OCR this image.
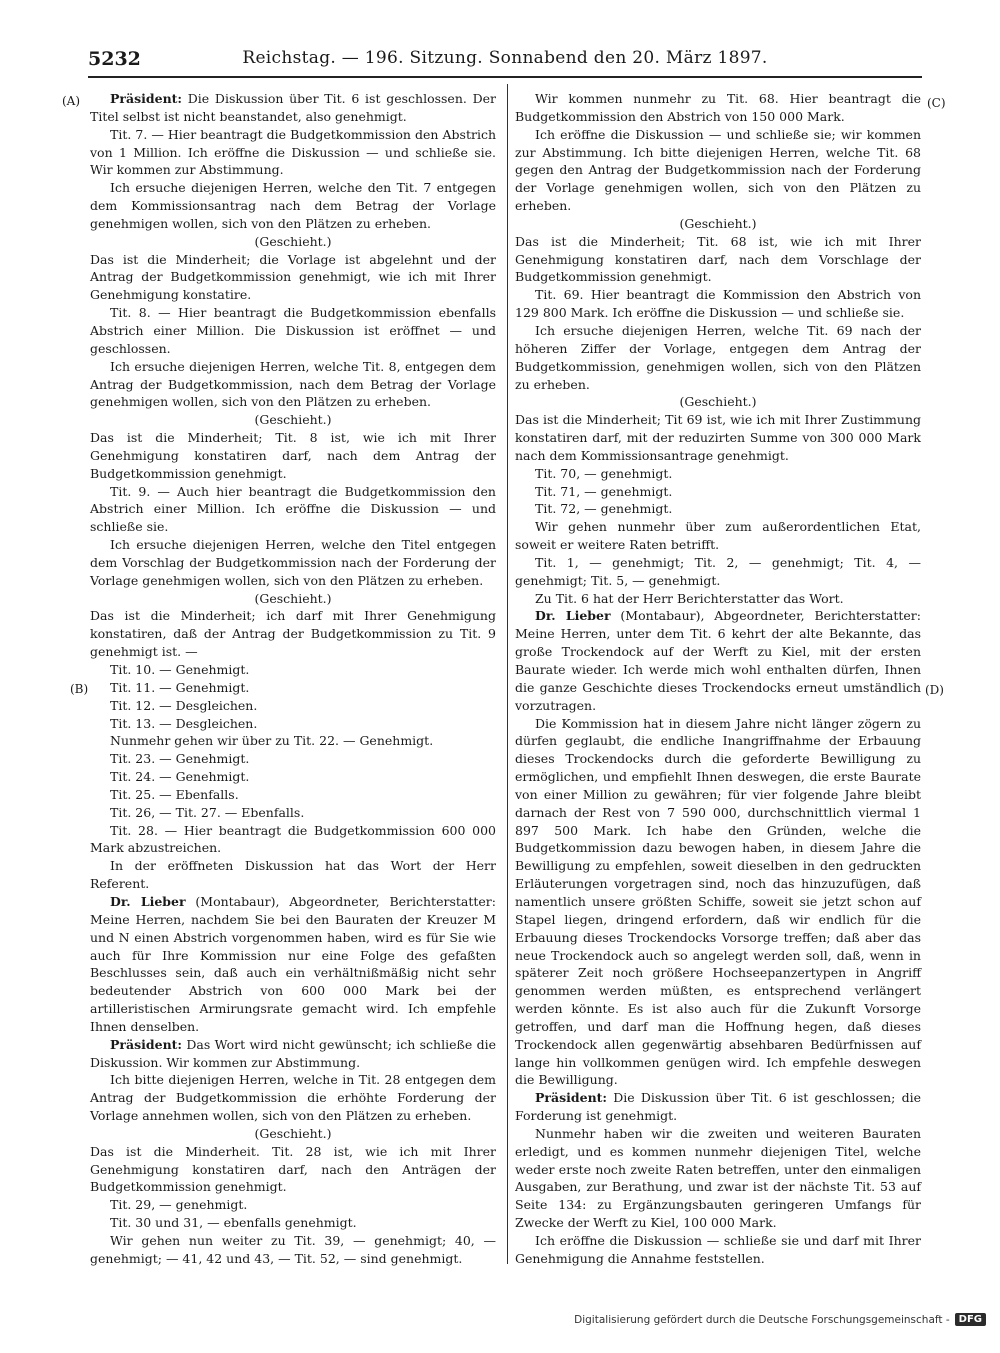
5232	Reichstag. — 196. Sitzung. Sonnabend den 20. März 1897.
(A)
(B)
(C)
(D)

Präsident: Die Diskussion über Tit. 6 ist geschlossen. Der Titel selbst ist nicht beanstandet, also genehmigt.

Tit. 7. — Hier beantragt die Budgetkommission den Abstrich von 1 Million. Ich eröffne die Diskussion — und schließe sie. Wir kommen zur Abstimmung.

Ich ersuche diejenigen Herren, welche den Tit. 7 entgegen dem Kommissionsantrag nach dem Betrag der Vorlage genehmigen wollen, sich von den Plätzen zu erheben.

(Geschieht.)

Das ist die Minderheit; die Vorlage ist abgelehnt und der Antrag der Budgetkommission genehmigt, wie ich mit Ihrer Genehmigung konstatire.

Tit. 8. — Hier beantragt die Budgetkommission ebenfalls Abstrich einer Million. Die Diskussion ist eröffnet — und geschlossen.

Ich ersuche diejenigen Herren, welche Tit. 8, entgegen dem Antrag der Budgetkommission, nach dem Betrag der Vorlage genehmigen wollen, sich von den Plätzen zu erheben.

(Geschieht.)

Das ist die Minderheit; Tit. 8 ist, wie ich mit Ihrer Genehmigung konstatiren darf, nach dem Antrag der Budgetkommission genehmigt.

Tit. 9. — Auch hier beantragt die Budgetkommission den Abstrich einer Million. Ich eröffne die Diskussion — und schließe sie.

Ich ersuche diejenigen Herren, welche den Titel entgegen dem Vorschlag der Budgetkommission nach der Forderung der Vorlage genehmigen wollen, sich von den Plätzen zu erheben.

(Geschieht.)

Das ist die Minderheit; ich darf mit Ihrer Genehmigung konstatiren, daß der Antrag der Budgetkommission zu Tit. 9 genehmigt ist. —

Tit. 10. — Genehmigt.

Tit. 11. — Genehmigt.

Tit. 12. — Desgleichen.

Tit. 13. — Desgleichen.

Nunmehr gehen wir über zu Tit. 22. — Genehmigt.

Tit. 23. — Genehmigt.

Tit. 24. — Genehmigt.

Tit. 25. — Ebenfalls.

Tit. 26, — Tit. 27. — Ebenfalls.

Tit. 28. — Hier beantragt die Budgetkommission 600 000 Mark abzustreichen.

In der eröffneten Diskussion hat das Wort der Herr Referent.

Dr. Lieber (Montabaur), Abgeordneter, Berichterstatter: Meine Herren, nachdem Sie bei den Bauraten der Kreuzer M und N einen Abstrich vorgenommen haben, wird es für Sie wie auch für Ihre Kommission nur eine Folge des gefaßten Beschlusses sein, daß auch ein verhältnißmäßig nicht sehr bedeutender Abstrich von 600 000 Mark bei der artilleristischen Armirungsrate gemacht wird. Ich empfehle Ihnen denselben.

Präsident: Das Wort wird nicht gewünscht; ich schließe die Diskussion. Wir kommen zur Abstimmung.

Ich bitte diejenigen Herren, welche in Tit. 28 entgegen dem Antrag der Budgetkommission die erhöhte Forderung der Vorlage annehmen wollen, sich von den Plätzen zu erheben.

(Geschieht.)

Das ist die Minderheit. Tit. 28 ist, wie ich mit Ihrer Genehmigung konstatiren darf, nach den Anträgen der Budgetkommission genehmigt.

Tit. 29, — genehmigt.

Tit. 30 und 31, — ebenfalls genehmigt.

Wir gehen nun weiter zu Tit. 39, — genehmigt; 40, — genehmigt; — 41, 42 und 43, — Tit. 52, — sind genehmigt.

Wir kommen nunmehr zu Tit. 68. Hier beantragt die Budgetkommission den Abstrich von 150 000 Mark.

Ich eröffne die Diskussion — und schließe sie; wir kommen zur Abstimmung. Ich bitte diejenigen Herren, welche Tit. 68 gegen den Antrag der Budgetkommission nach der Forderung der Vorlage genehmigen wollen, sich von den Plätzen zu erheben.

(Geschieht.)

Das ist die Minderheit; Tit. 68 ist, wie ich mit Ihrer Genehmigung konstatiren darf, nach dem Vorschlage der Budgetkommission genehmigt.

Tit. 69. Hier beantragt die Kommission den Abstrich von 129 800 Mark. Ich eröffne die Diskussion — und schließe sie.

Ich ersuche diejenigen Herren, welche Tit. 69 nach der höheren Ziffer der Vorlage, entgegen dem Antrag der Budgetkommission, genehmigen wollen, sich von den Plätzen zu erheben.

(Geschieht.)

Das ist die Minderheit; Tit 69 ist, wie ich mit Ihrer Zustimmung konstatiren darf, mit der reduzirten Summe von 300 000 Mark nach dem Kommissionsantrage genehmigt.

Tit. 70, — genehmigt.

Tit. 71, — genehmigt.

Tit. 72, — genehmigt.

Wir gehen nunmehr über zum außerordentlichen Etat, soweit er weitere Raten betrifft.

Tit. 1, — genehmigt; Tit. 2, — genehmigt; Tit. 4, — genehmigt; Tit. 5, — genehmigt.

Zu Tit. 6 hat der Herr Berichterstatter das Wort.

Dr. Lieber (Montabaur), Abgeordneter, Berichterstatter: Meine Herren, unter dem Tit. 6 kehrt der alte Bekannte, das große Trockendock auf der Werft zu Kiel, mit der ersten Baurate wieder. Ich werde mich wohl enthalten dürfen, Ihnen die ganze Geschichte dieses Trockendocks erneut umständlich vorzutragen.

Die Kommission hat in diesem Jahre nicht länger zögern zu dürfen geglaubt, die endliche Inangriffnahme der Erbauung dieses Trockendocks durch die geforderte Bewilligung zu ermöglichen, und empfiehlt Ihnen deswegen, die erste Baurate von einer Million zu gewähren; für vier folgende Jahre bleibt darnach der Rest von 7 590 000, durchschnittlich viermal 1 897 500 Mark. Ich habe den Gründen, welche die Budgetkommission dazu bewogen haben, in diesem Jahre die Bewilligung zu empfehlen, soweit dieselben in den gedruckten Erläuterungen vorgetragen sind, noch das hinzuzufügen, daß namentlich unsere größten Schiffe, soweit sie jetzt schon auf Stapel liegen, dringend erfordern, daß wir endlich für die Erbauung dieses Trockendocks Vorsorge treffen; daß aber das neue Trockendock auch so angelegt werden soll, daß, wenn in späterer Zeit noch größere Hochseepanzertypen in Angriff genommen werden müßten, es entsprechend verlängert werden könnte. Es ist also auch für die Zukunft Vorsorge getroffen, und darf man die Hoffnung hegen, daß dieses Trockendock allen gegenwärtig absehbaren Bedürfnissen auf lange hin vollkommen genügen wird. Ich empfehle deswegen die Bewilligung.

Präsident: Die Diskussion über Tit. 6 ist geschlossen; die Forderung ist genehmigt.

Nunmehr haben wir die zweiten und weiteren Bauraten erledigt, und es kommen nunmehr diejenigen Titel, welche weder erste noch zweite Raten betreffen, unter den einmaligen Ausgaben, zur Berathung, und zwar ist der nächste Tit. 53 auf Seite 134: zu Ergänzungsbauten geringeren Umfangs für Zwecke der Werft zu Kiel, 100 000 Mark.

Ich eröffne die Diskussion — schließe sie und darf mit Ihrer Genehmigung die Annahme feststellen.

Digitalisierung gefördert durch die Deutsche Forschungsgemeinschaft - DFG
